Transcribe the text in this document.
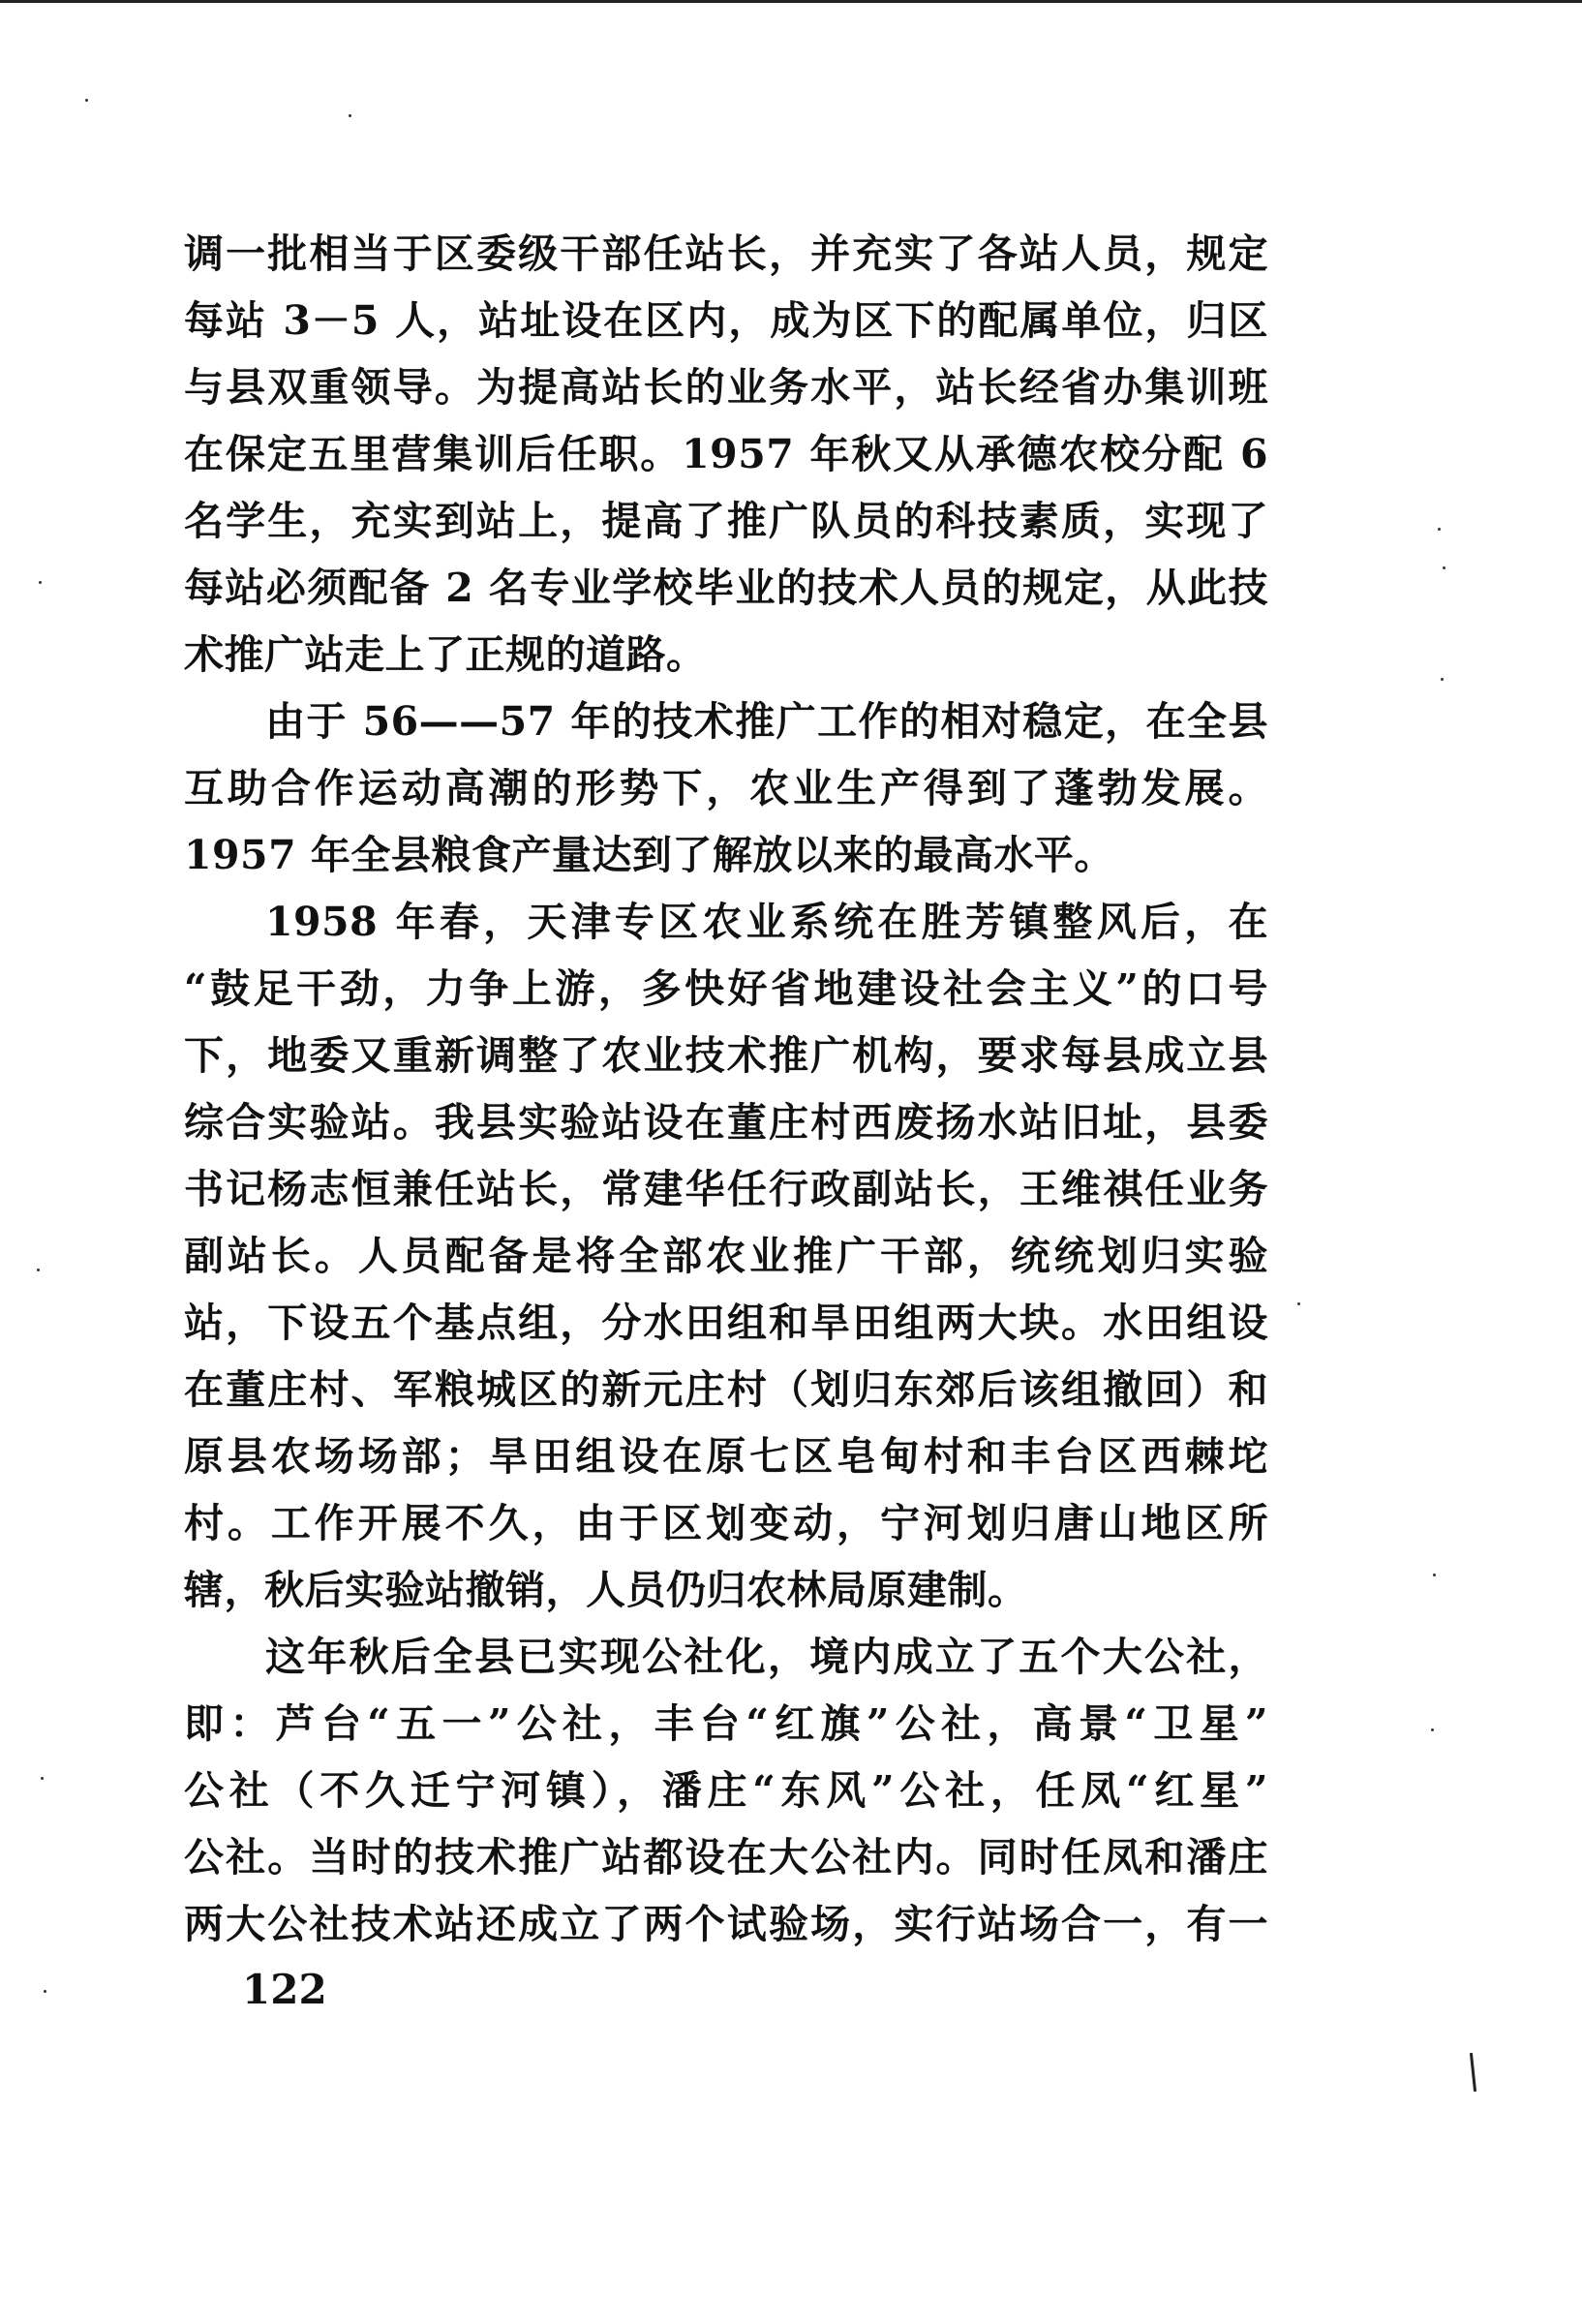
调一批相当于区委级干部任站长，并充实了各站人员，规定
每站 3－5 人，站址设在区内，成为区下的配属单位，归区
与县双重领导。为提高站长的业务水平，站长经省办集训班
在保定五里营集训后任职。1957 年秋又从承德农校分配 6
名学生，充实到站上，提高了推广队员的科技素质，实现了
每站必须配备 2 名专业学校毕业的技术人员的规定，从此技
术推广站走上了正规的道路。
由于 56——57 年的技术推广工作的相对稳定，在全县
互助合作运动高潮的形势下，农业生产得到了蓬勃发展。
1957 年全县粮食产量达到了解放以来的最高水平。
1958 年春，天津专区农业系统在胜芳镇整风后，在
“鼓足干劲，力争上游，多快好省地建设社会主义”的口号
下，地委又重新调整了农业技术推广机构，要求每县成立县
综合实验站。我县实验站设在董庄村西废扬水站旧址，县委
书记杨志恒兼任站长，常建华任行政副站长，王维祺任业务
副站长。人员配备是将全部农业推广干部，统统划归实验
站，下设五个基点组，分水田组和旱田组两大块。水田组设
在董庄村、军粮城区的新元庄村（划归东郊后该组撤回）和
原县农场场部；旱田组设在原七区皂甸村和丰台区西棘坨
村。工作开展不久，由于区划变动，宁河划归唐山地区所
辖，秋后实验站撤销，人员仍归农林局原建制。
这年秋后全县已实现公社化，境内成立了五个大公社，
即：芦台“五一”公社，丰台“红旗”公社，高景“卫星”
公社（不久迁宁河镇），潘庄“东风”公社，任凤“红星”
公社。当时的技术推广站都设在大公社内。同时任凤和潘庄
两大公社技术站还成立了两个试验场，实行站场合一，有一
122
